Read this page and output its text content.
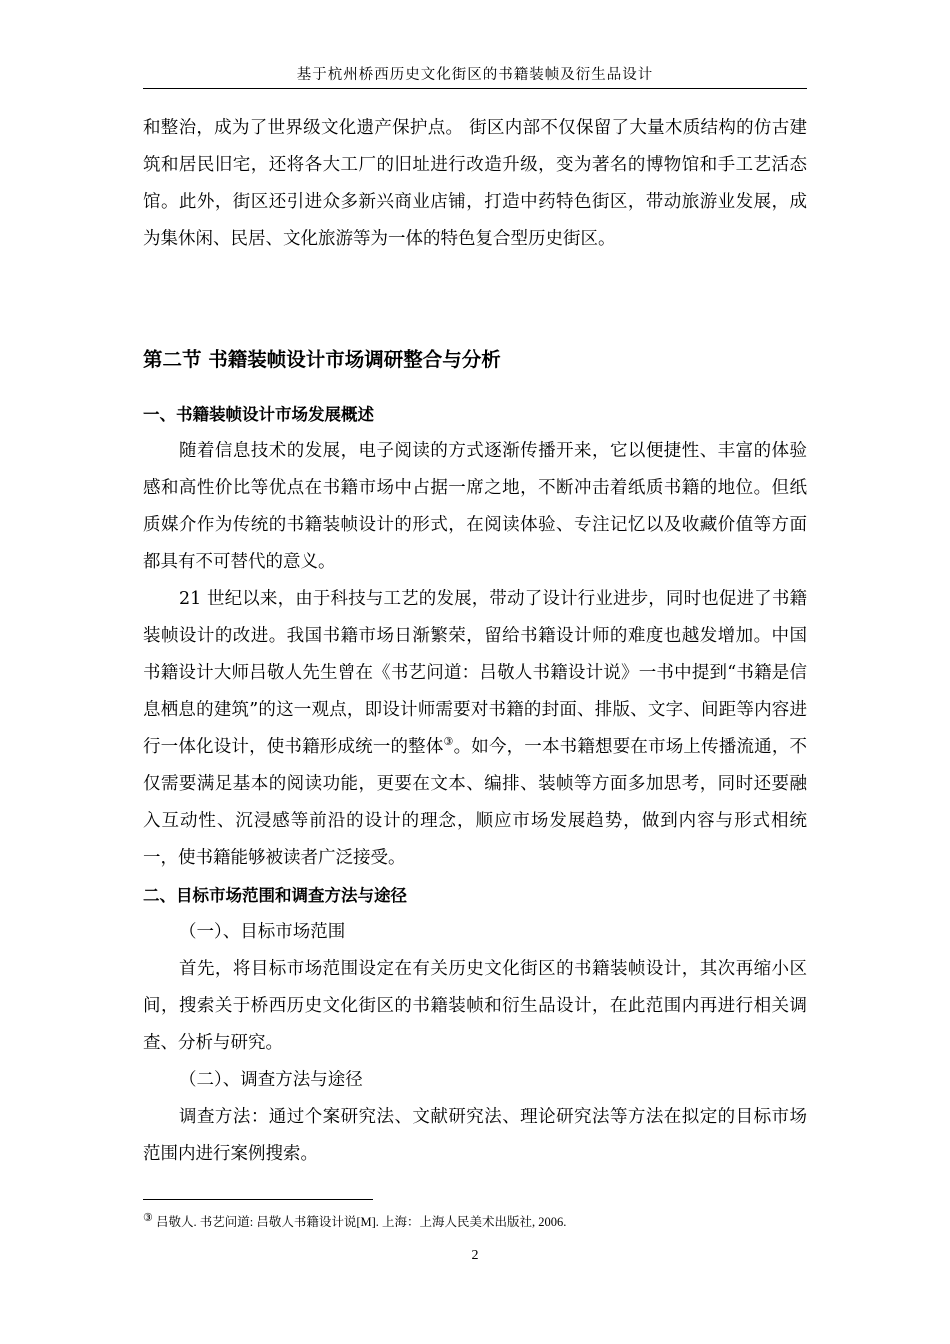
基于杭州桥西历史文化街区的书籍装帧及衍生品设计

和整治，成为了世界级文化遗产保护点。 街区内部不仅保留了大量木质结构的仿古建筑和居民旧宅，还将各大工厂的旧址进行改造升级，变为著名的博物馆和手工艺活态馆。此外，街区还引进众多新兴商业店铺，打造中药特色街区，带动旅游业发展，成为集休闲、民居、文化旅游等为一体的特色复合型历史街区。

第二节 书籍装帧设计市场调研整合与分析
一、书籍装帧设计市场发展概述

随着信息技术的发展，电子阅读的方式逐渐传播开来，它以便捷性、丰富的体验感和高性价比等优点在书籍市场中占据一席之地，不断冲击着纸质书籍的地位。但纸质媒介作为传统的书籍装帧设计的形式，在阅读体验、专注记忆以及收藏价值等方面都具有不可替代的意义。

21 世纪以来，由于科技与工艺的发展，带动了设计行业进步，同时也促进了书籍装帧设计的改进。我国书籍市场日渐繁荣，留给书籍设计师的难度也越发增加。中国书籍设计大师吕敬人先生曾在《书艺问道：吕敬人书籍设计说》一书中提到“书籍是信息栖息的建筑”的这一观点，即设计师需要对书籍的封面、排版、文字、间距等内容进行一体化设计，使书籍形成统一的整体③。如今，一本书籍想要在市场上传播流通，不仅需要满足基本的阅读功能，更要在文本、编排、装帧等方面多加思考，同时还要融入互动性、沉浸感等前沿的设计的理念，顺应市场发展趋势，做到内容与形式相统一，使书籍能够被读者广泛接受。

二、目标市场范围和调查方法与途径

（一）、目标市场范围

首先，将目标市场范围设定在有关历史文化街区的书籍装帧设计，其次再缩小区间，搜索关于桥西历史文化街区的书籍装帧和衍生品设计，在此范围内再进行相关调查、分析与研究。

（二）、调查方法与途径

调查方法：通过个案研究法、文献研究法、理论研究法等方法在拟定的目标市场范围内进行案例搜索。

③ 吕敬人. 书艺问道: 吕敬人书籍设计说[M]. 上海：上海人民美术出版社, 2006.
2
